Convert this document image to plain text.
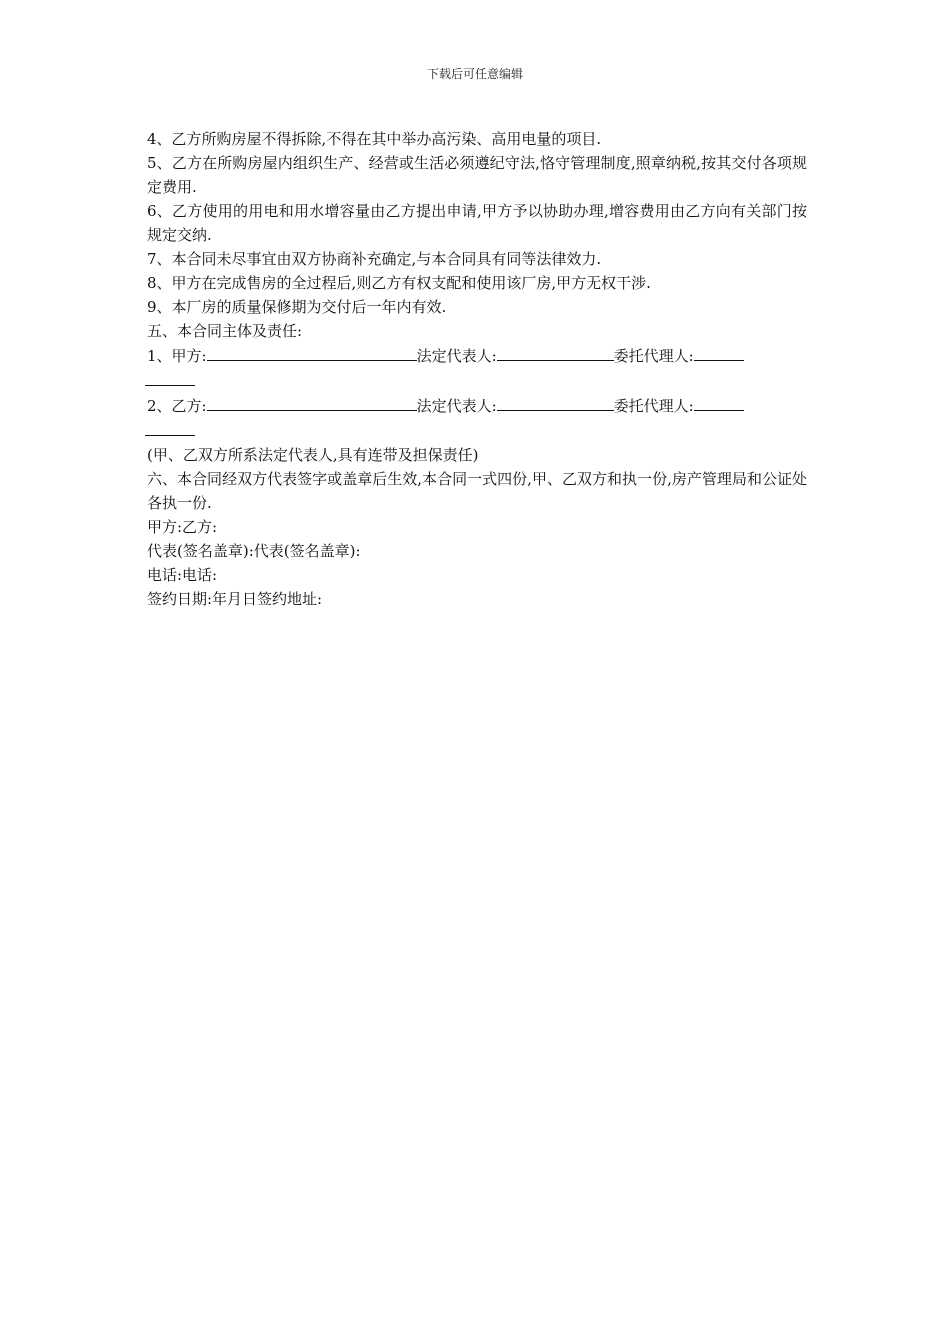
下载后可任意编辑

4、乙方所购房屋不得拆除,不得在其中举办高污染、高用电量的项目.

5、乙方在所购房屋内组织生产、经营或生活必须遵纪守法,恪守管理制度,照章纳税,按其交付各项规定费用.

6、乙方使用的用电和用水增容量由乙方提出申请,甲方予以协助办理,增容费用由乙方向有关部门按规定交纳.

7、本合同未尽事宜由双方协商补充确定,与本合同具有同等法律效力.

8、甲方在完成售房的全过程后,则乙方有权支配和使用该厂房,甲方无权干涉.

9、本厂房的质量保修期为交付后一年内有效.

五、本合同主体及责任:

1、甲方:	法定代表人:	委托代理人:
2、乙方:	法定代表人:	委托代理人:

(甲、乙双方所系法定代表人,具有连带及担保责任)

六、本合同经双方代表签字或盖章后生效,本合同一式四份,甲、乙双方和执一份,房产管理局和公证处各执一份.

甲方:乙方:

代表(签名盖章):代表(签名盖章):

电话:电话:

签约日期:年月日签约地址:
